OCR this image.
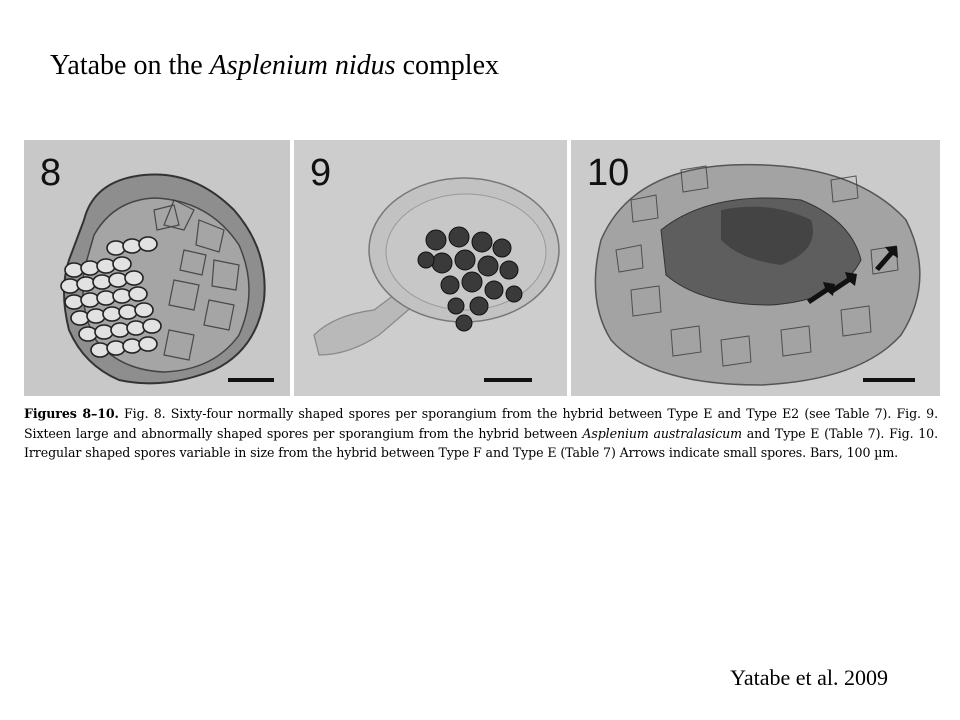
Yatabe on the Asplenium nidus complex
8	9	10
Figures 8–10. Fig. 8. Sixty-four normally shaped spores per sporangium from the hybrid between Type E and Type E2 (see Table 7). Fig. 9. Sixteen large and abnormally shaped spores per sporangium from the hybrid between Asplenium australasicum and Type E (Table 7). Fig. 10. Irregular shaped spores variable in size from the hybrid between Type F and Type E (Table 7) Arrows indicate small spores. Bars, 100 µm.
Yatabe et al. 2009
